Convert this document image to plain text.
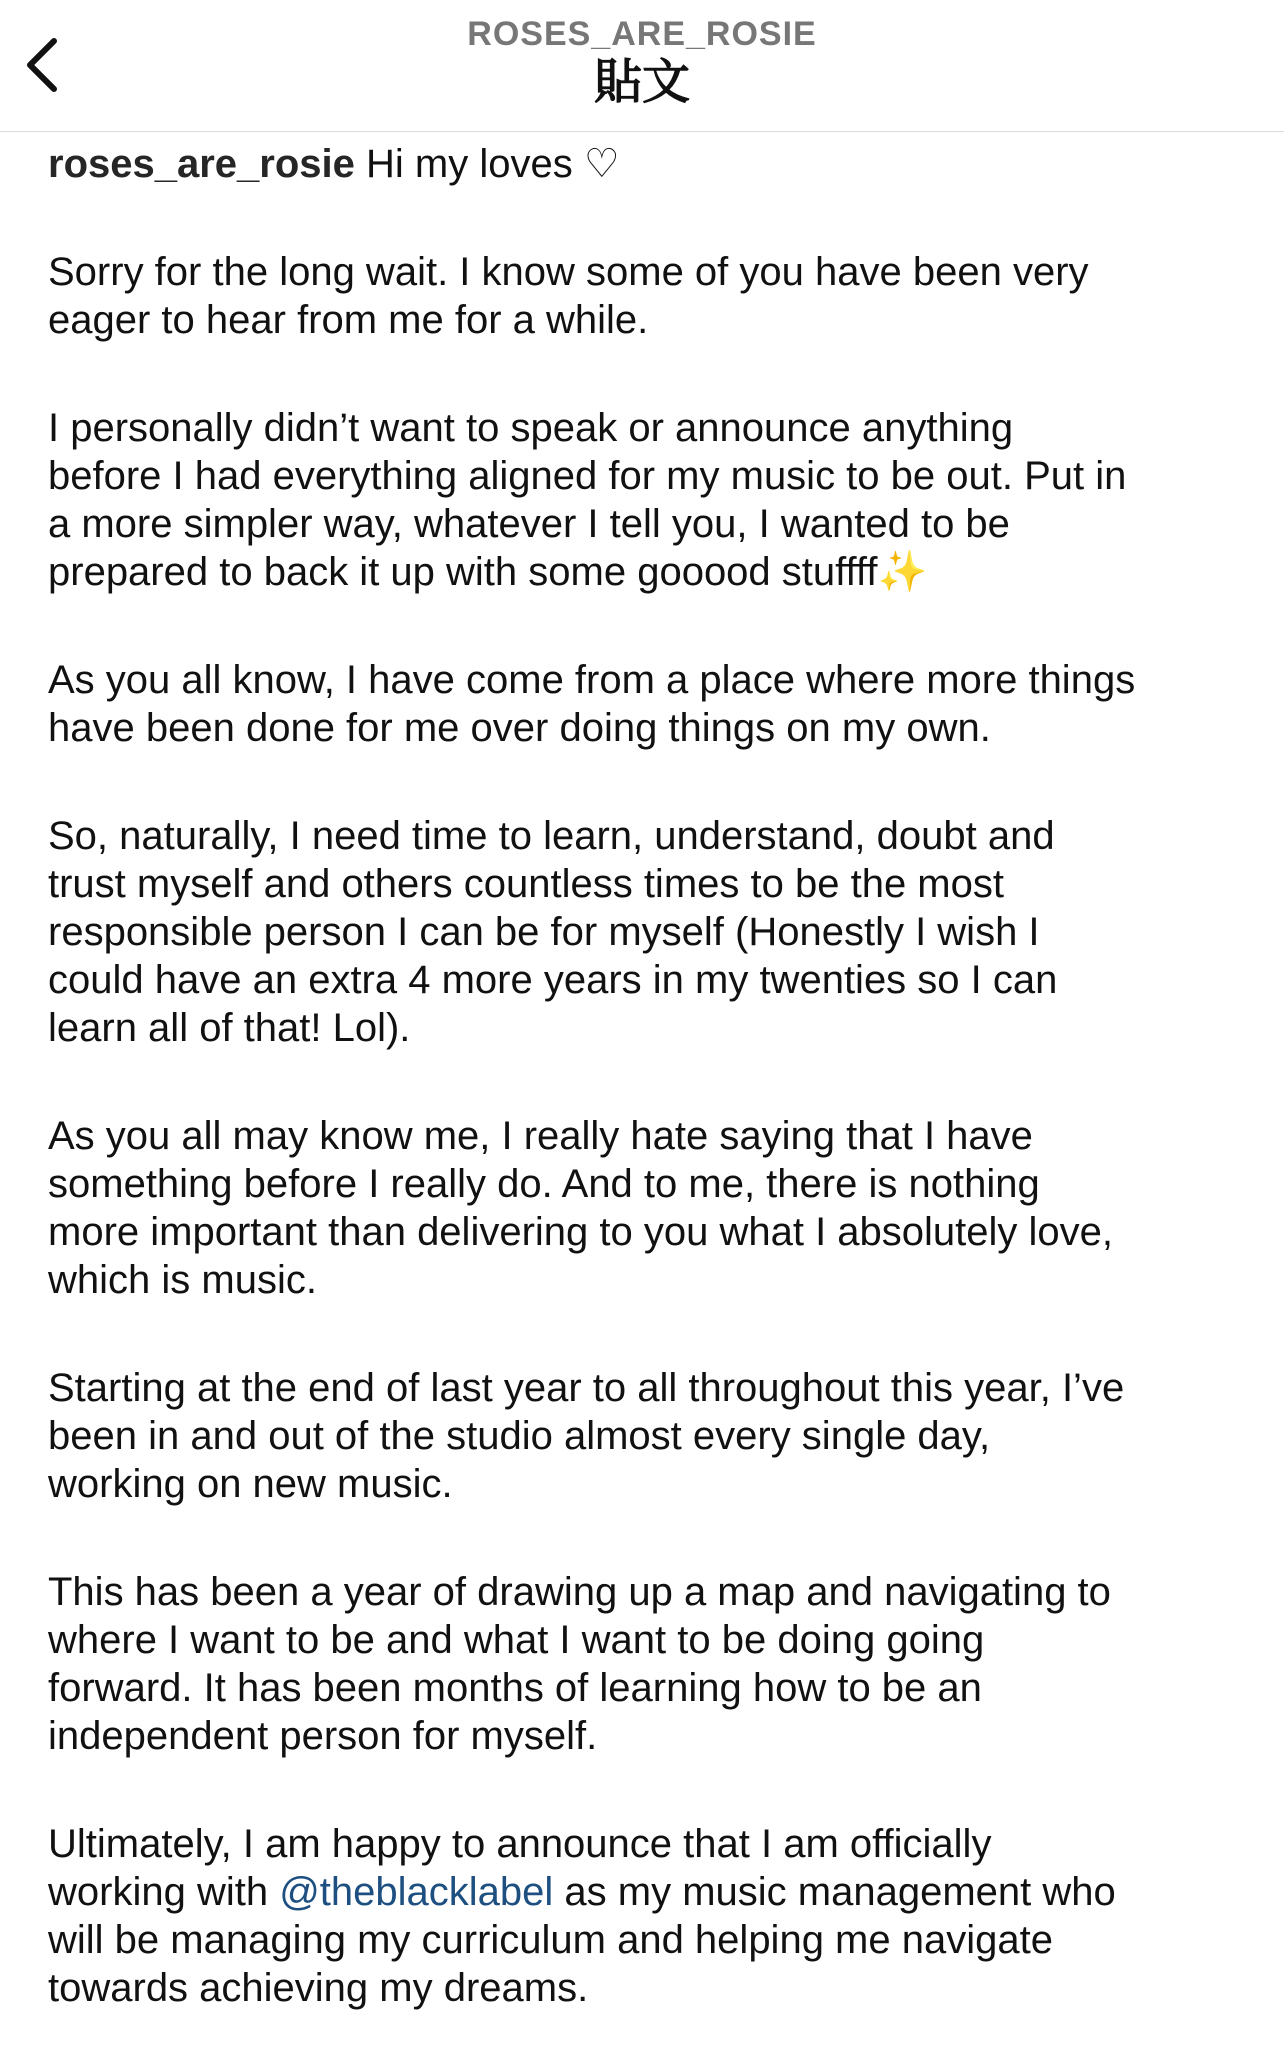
ROSES_ARE_ROSIE
貼文
roses_are_rosie Hi my loves ♡
Sorry for the long wait. I know some of you have been very
eager to hear from me for a while.
I personally didn’t want to speak or announce anything
before I had everything aligned for my music to be out. Put in
a more simpler way, whatever I tell you, I wanted to be
prepared to back it up with some gooood stuffff✨
As you all know, I have come from a place where more things
have been done for me over doing things on my own.
So, naturally, I need time to learn, understand, doubt and
trust myself and others countless times to be the most
responsible person I can be for myself (Honestly I wish I
could have an extra 4 more years in my twenties so I can
learn all of that! Lol).
As you all may know me, I really hate saying that I have
something before I really do. And to me, there is nothing
more important than delivering to you what I absolutely love,
which is music.
Starting at the end of last year to all throughout this year, I’ve
been in and out of the studio almost every single day,
working on new music.
This has been a year of drawing up a map and navigating to
where I want to be and what I want to be doing going
forward. It has been months of learning how to be an
independent person for myself.
Ultimately, I am happy to announce that I am officially
working with @theblacklabel as my music management who
will be managing my curriculum and helping me navigate
towards achieving my dreams.
